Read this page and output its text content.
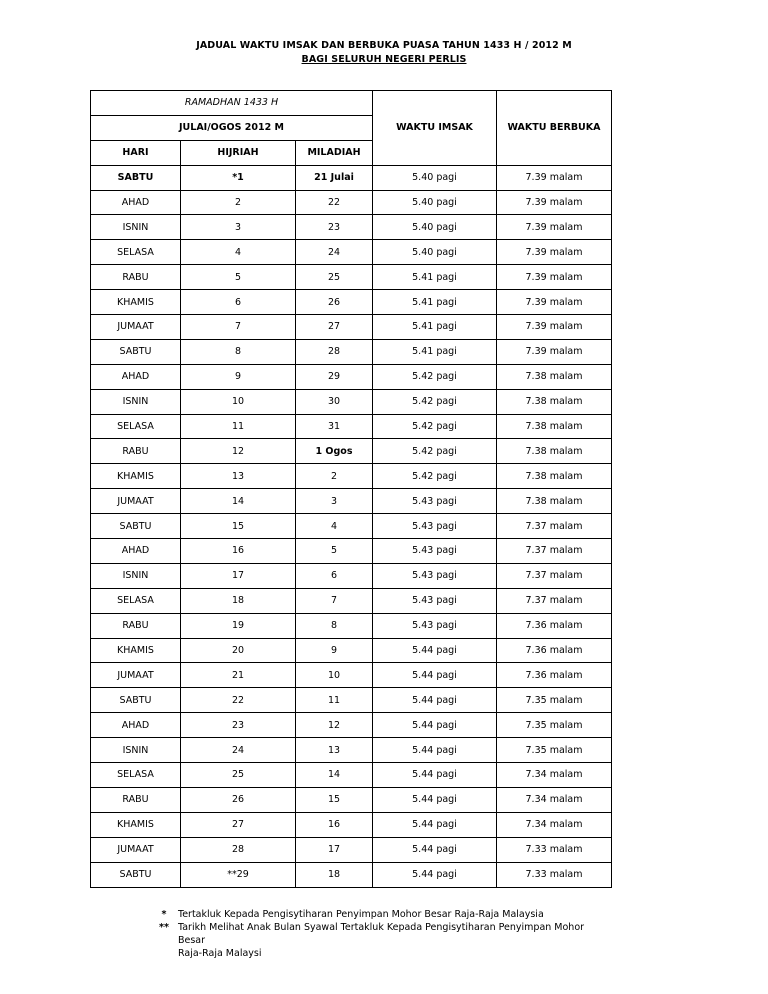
JADUAL WAKTU IMSAK DAN BERBUKA PUASA TAHUN 1433 H / 2012 M
BAGI SELURUH NEGERI PERLIS
RAMADHAN 1433 H			WAKTU IMSAK	WAKTU BERBUKA
JULAI/OGOS 2012 M				
HARI	HIJRIAH	MILADIAH		
SABTU	*1	21 Julai	5.40 pagi	7.39 malam
AHAD	2	22	5.40 pagi	7.39 malam
ISNIN	3	23	5.40 pagi	7.39 malam
SELASA	4	24	5.40 pagi	7.39 malam
RABU	5	25	5.41 pagi	7.39 malam
KHAMIS	6	26	5.41 pagi	7.39 malam
JUMAAT	7	27	5.41 pagi	7.39 malam
SABTU	8	28	5.41 pagi	7.39 malam
AHAD	9	29	5.42 pagi	7.38 malam
ISNIN	10	30	5.42 pagi	7.38 malam
SELASA	11	31	5.42 pagi	7.38 malam
RABU	12	1 Ogos	5.42 pagi	7.38 malam
KHAMIS	13	2	5.42 pagi	7.38 malam
JUMAAT	14	3	5.43 pagi	7.38 malam
SABTU	15	4	5.43 pagi	7.37 malam
AHAD	16	5	5.43 pagi	7.37 malam
ISNIN	17	6	5.43 pagi	7.37 malam
SELASA	18	7	5.43 pagi	7.37 malam
RABU	19	8	5.43 pagi	7.36 malam
KHAMIS	20	9	5.44 pagi	7.36 malam
JUMAAT	21	10	5.44 pagi	7.36 malam
SABTU	22	11	5.44 pagi	7.35 malam
AHAD	23	12	5.44 pagi	7.35 malam
ISNIN	24	13	5.44 pagi	7.35 malam
SELASA	25	14	5.44 pagi	7.34 malam
RABU	26	15	5.44 pagi	7.34 malam
KHAMIS	27	16	5.44 pagi	7.34 malam
JUMAAT	28	17	5.44 pagi	7.33 malam
SABTU	**29	18	5.44 pagi	7.33 malam
*	Tertakluk Kepada Pengisytiharan Penyimpan Mohor Besar Raja-Raja Malaysia
** Tarikh Melihat Anak Bulan Syawal Tertakluk Kepada Pengisytiharan Penyimpan Mohor Besar
Raja-Raja Malaysi
